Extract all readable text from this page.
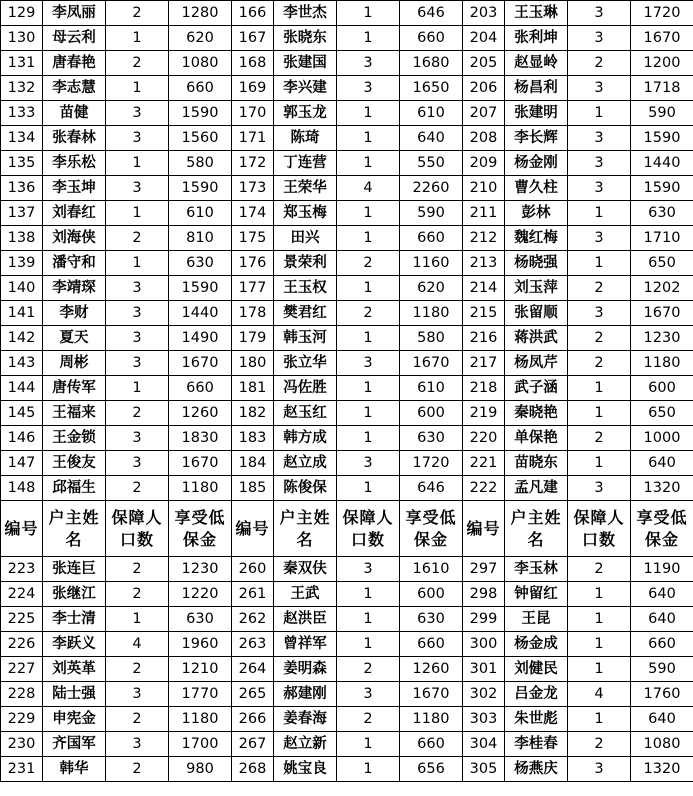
129	李凤丽	2	1280	166	李世杰	1	646	203	王玉琳	3	1720
130	母云利	1	620	167	张晓东	1	660	204	张利坤	3	1670
131	唐春艳	2	1080	168	张建国	3	1680	205	赵显岭	2	1200
132	李志慧	1	660	169	李兴建	3	1650	206	杨昌利	3	1718
133	苗健	3	1590	170	郭玉龙	1	610	207	张建明	1	590
134	张春林	3	1560	171	陈琦	1	640	208	李长辉	3	1590
135	李乐松	1	580	172	丁连营	1	550	209	杨金刚	3	1440
136	李玉坤	3	1590	173	王荣华	4	2260	210	曹久柱	3	1590
137	刘春红	1	610	174	郑玉梅	1	590	211	彭林	1	630
138	刘海侠	2	810	175	田兴	1	660	212	魏红梅	3	1710
139	潘守和	1	630	176	景荣利	2	1160	213	杨晓强	1	650
140	李靖琛	3	1590	177	王玉权	1	620	214	刘玉萍	2	1202
141	李财	3	1440	178	樊君红	2	1180	215	张留顺	3	1670
142	夏天	3	1490	179	韩玉河	1	580	216	蒋洪武	2	1230
143	周彬	3	1670	180	张立华	3	1670	217	杨凤芹	2	1180
144	唐传军	1	660	181	冯佐胜	1	610	218	武子涵	1	600
145	王福来	2	1260	182	赵玉红	1	600	219	秦晓艳	1	650
146	王金锁	3	1830	183	韩方成	1	630	220	单保艳	2	1000
147	王俊友	3	1670	184	赵立成	3	1720	221	苗晓东	1	640
148	邱福生	2	1180	185	陈俊保	1	646	222	孟凡建	3	1320
编号	户主姓名	保障人口数	享受低保金	编号	户主姓名	保障人口数	享受低保金	编号	户主姓名	保障人口数	享受低保金
223	张连巨	2	1230	260	秦双伕	3	1610	297	李玉林	2	1190
224	张继江	2	1220	261	王武	1	600	298	钟留红	1	640
225	李士清	1	630	262	赵洪臣	1	630	299	王昆	1	640
226	李跃义	4	1960	263	曾祥军	1	660	300	杨金成	1	660
227	刘英革	2	1210	264	姜明森	2	1260	301	刘健民	1	590
228	陆士强	3	1770	265	郝建刚	3	1670	302	吕金龙	4	1760
229	申宪金	2	1180	266	姜春海	2	1180	303	朱世彪	1	640
230	齐国军	3	1700	267	赵立新	1	660	304	李桂春	2	1080
231	韩华	2	980	268	姚宝良	1	656	305	杨燕庆	3	1320
